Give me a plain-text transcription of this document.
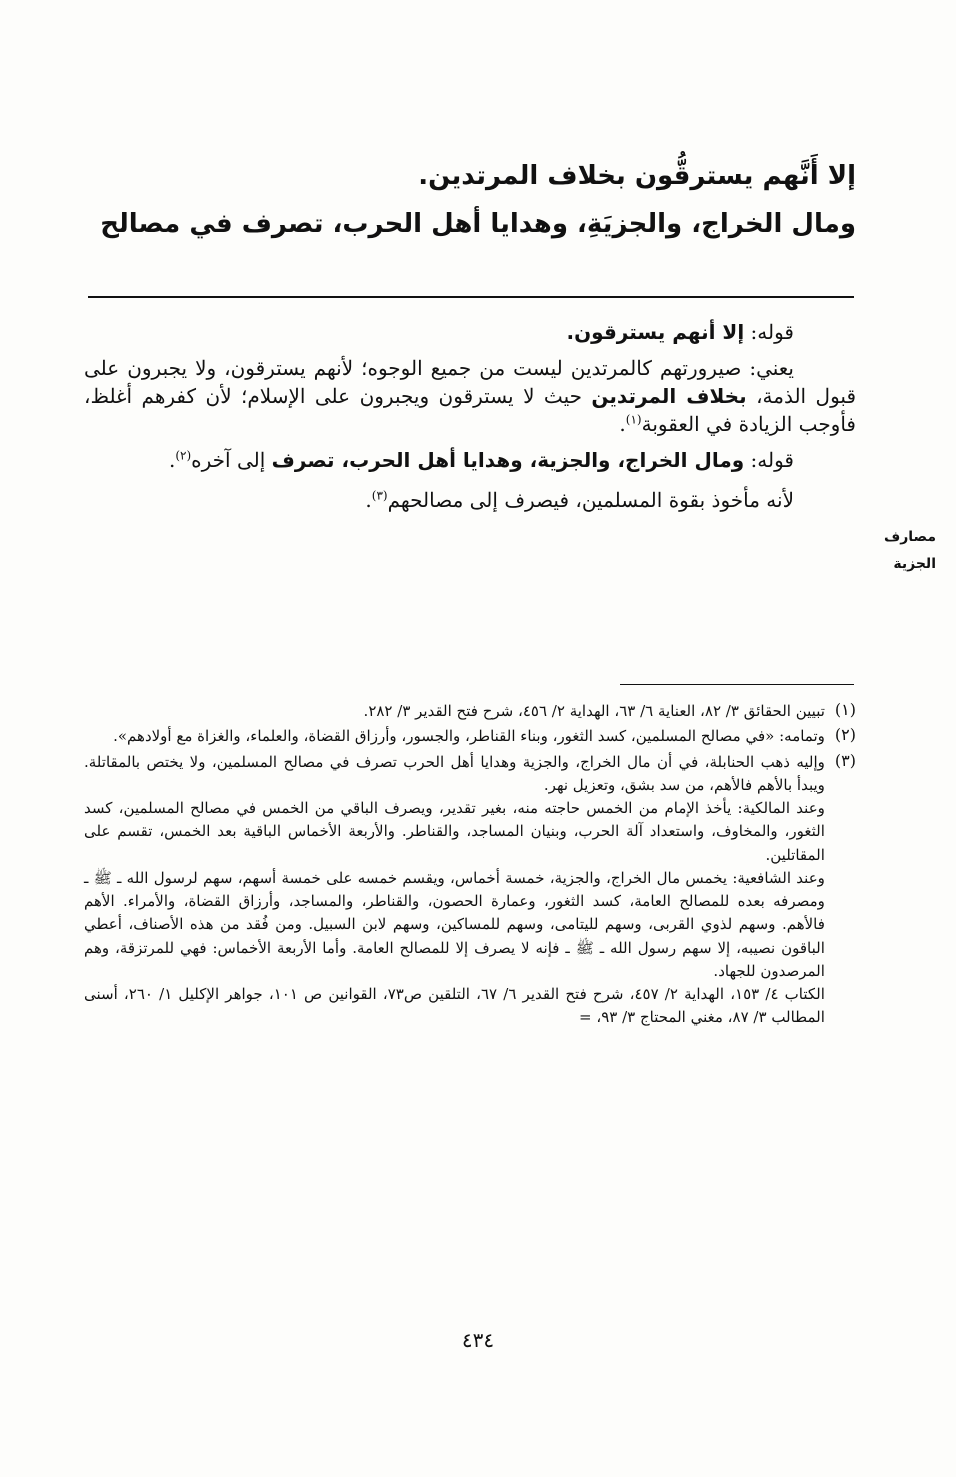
إلا أَنَّهم يسترقُّون بخلاف المرتدين.

ومال الخراج، والجزيَةِ، وهدايا أهل الحرب، تصرف في مصالح

قوله: إلا أنهم يسترقون.

يعني: صيرورتهم كالمرتدين ليست من جميع الوجوه؛ لأنهم يسترقون، ولا يجبرون على قبول الذمة، بخلاف المرتدين حيث لا يسترقون ويجبرون على الإسلام؛ لأن كفرهم أغلظ، فأوجب الزيادة في العقوبة$^{(١)}$.

قوله: ومال الخراج، والجزية، وهدايا أهل الحرب، تصرف إلى آخره$^{(٢)}$.

لأنه مأخوذ بقوة المسلمين، فيصرف إلى مصالحهم$^{(٣)}$.

مصارف
الجزية
(١)

تبيين الحقائق ٣/ ٨٢، العناية ٦/ ٦٣، الهداية ٢/ ٤٥٦، شرح فتح القدير ٣/ ٢٨٢.

(٢)

وتمامه: «في مصالح المسلمين، كسد الثغور، وبناء القناطر، والجسور، وأرزاق القضاة، والعلماء، والغزاة مع أولادهم».

(٣)

وإليه ذهب الحنابلة، في أن مال الخراج، والجزية وهدايا أهل الحرب تصرف في مصالح المسلمين، ولا يختص بالمقاتلة. ويبدأ بالأهم فالأهم، من سد بشق، وتعزيل نهر.

وعند المالكية: يأخذ الإمام من الخمس حاجته منه، بغير تقدير، ويصرف الباقي من الخمس في مصالح المسلمين، كسد الثغور، والمخاوف، واستعداد آلة الحرب، وبنيان المساجد، والقناطر. والأربعة الأخماس الباقية بعد الخمس، تقسم على المقاتلين.

وعند الشافعية: يخمس مال الخراج، والجزية، خمسة أخماس، ويقسم خمسه على خمسة أسهم، سهم لرسول الله ـ ﷺ ـ ومصرفه بعده للمصالح العامة، كسد الثغور، وعمارة الحصون، والقناطر، والمساجد، وأرزاق القضاة، والأمراء. الأهم فالأهم. وسهم لذوي القربى، وسهم لليتامى، وسهم للمساكين، وسهم لابن السبيل. ومن فُقد من هذه الأصناف، أعطي الباقون نصيبه، إلا سهم رسول الله ـ ﷺ ـ فإنه لا يصرف إلا للمصالح العامة. وأما الأربعة الأخماس: فهي للمرتزقة، وهم المرصدون للجهاد.

الكتاب ٤/ ١٥٣، الهداية ٢/ ٤٥٧، شرح فتح القدير ٦/ ٦٧، التلقين ص٧٣، القوانين ص ١٠١، جواهر الإكليل ١/ ٢٦٠، أسنى المطالب ٣/ ٨٧، مغني المحتاج ٣/ ٩٣، =

٤٣٤
